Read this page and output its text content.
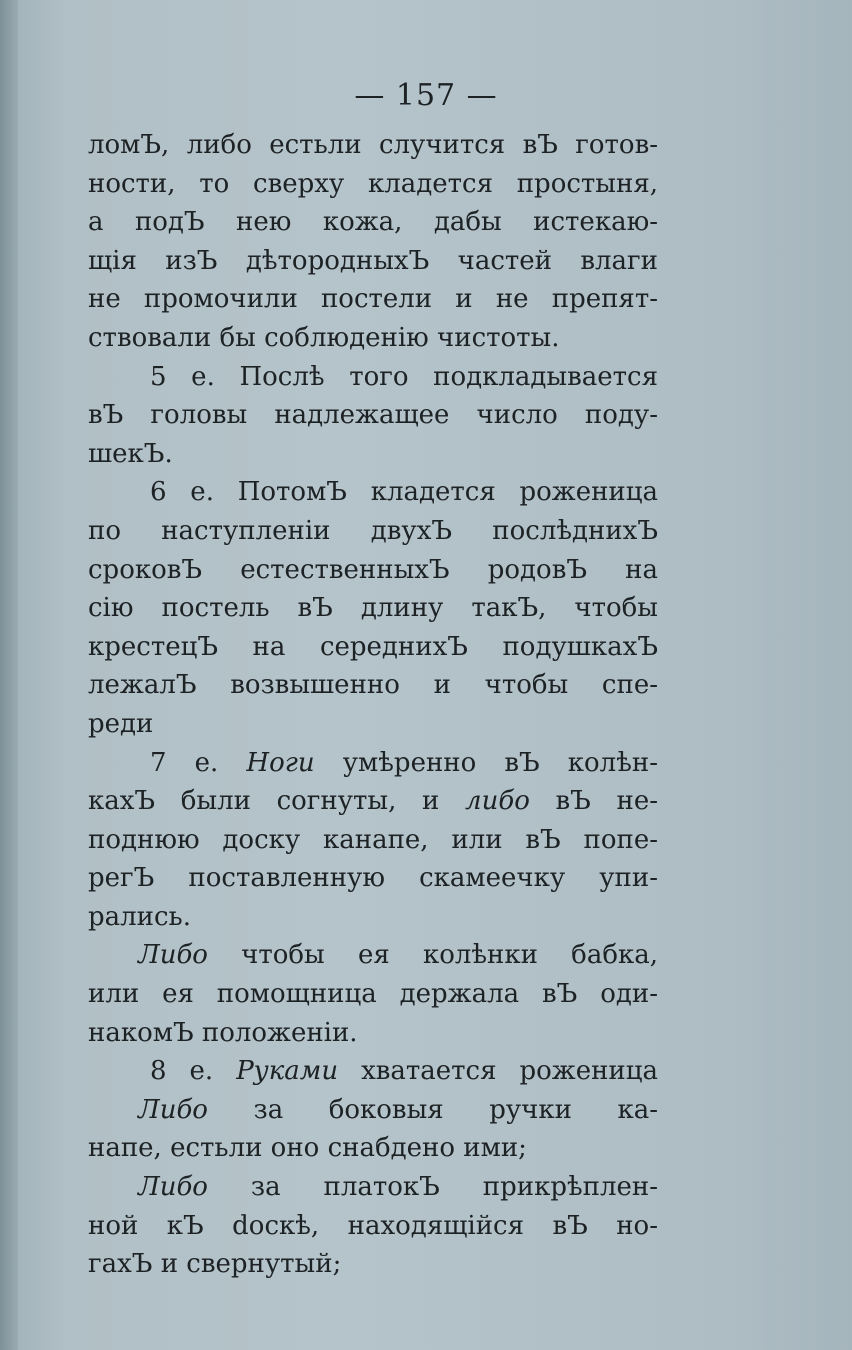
— 157 —
ломЪ, либо естьли случится вЪ готов-
ности, то сверху кладется простыня,
а подЪ нею кожа, дабы истекаю-
щія изЪ дѣтородныхЪ частей влаги
не промочили постели и не препят-
ствовали бы соблюденію чистоты.
5 е. Послѣ того подкладывается
вЪ головы надлежащее число поду-
шекЪ.
6 е. ПотомЪ кладется роженица
по наступленіи двухЪ послѣднихЪ
сроковЪ естественныхЪ родовЪ на
сію постель вЪ длину такЪ, чтобы
крестецЪ на середнихЪ подушкахЪ
лежалЪ возвышенно и чтобы спе-
реди
7 е. Ноги умѣренно вЪ колѣн-
кахЪ были согнуты, и либо вЪ не-
поднюю доску канапе, или вЪ попе-
регЪ поставленную скамеечку упи-
рались.
Либо чтобы ея колѣнки бабка,
или ея помощница держала вЪ оди-
накомЪ положеніи.
8 е. Руками хватается роженица
Либо за боковыя ручки ка-
напе, естьли оно снабдено ими;
Либо за платокЪ прикрѣплен-
ной кЪ doскѣ, находящійся вЪ но-
гахЪ и свернутый;
